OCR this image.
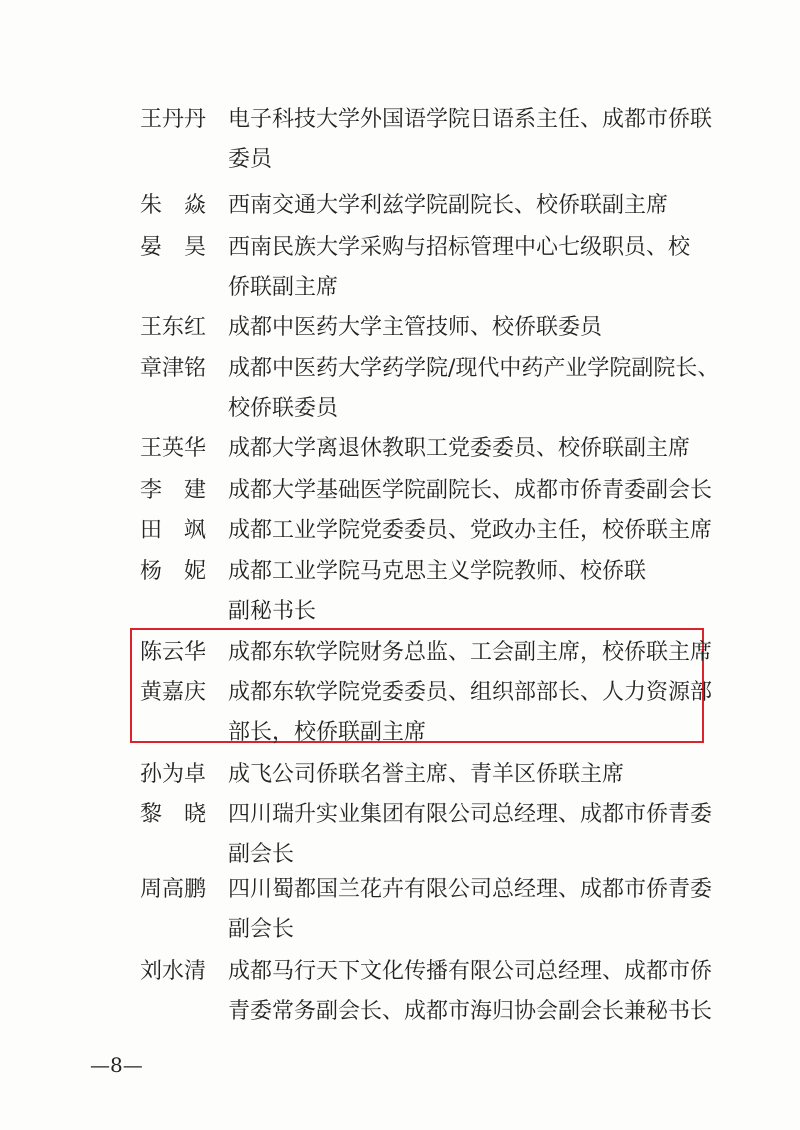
王丹丹 电子科技大学外国语学院日语系主任、成都市侨联
委员
朱　焱 西南交通大学利兹学院副院长、校侨联副主席
晏　昊 西南民族大学采购与招标管理中心七级职员、校
侨联副主席
王东红 成都中医药大学主管技师、校侨联委员
章津铭 成都中医药大学药学院/现代中药产业学院副院长、
校侨联委员
王英华 成都大学离退休教职工党委委员、校侨联副主席
李　建 成都大学基础医学院副院长、成都市侨青委副会长
田　飒 成都工业学院党委委员、党政办主任，校侨联主席
杨　妮 成都工业学院马克思主义学院教师、校侨联
副秘书长
陈云华 成都东软学院财务总监、工会副主席，校侨联主席
黄嘉庆 成都东软学院党委委员、组织部部长、人力资源部
部长，校侨联副主席
孙为卓 成飞公司侨联名誉主席、青羊区侨联主席
黎　晓 四川瑞升实业集团有限公司总经理、成都市侨青委
副会长
周高鹏 四川蜀都国兰花卉有限公司总经理、成都市侨青委
副会长
刘水清 成都马行天下文化传播有限公司总经理、成都市侨
青委常务副会长、成都市海归协会副会长兼秘书长
—8—
